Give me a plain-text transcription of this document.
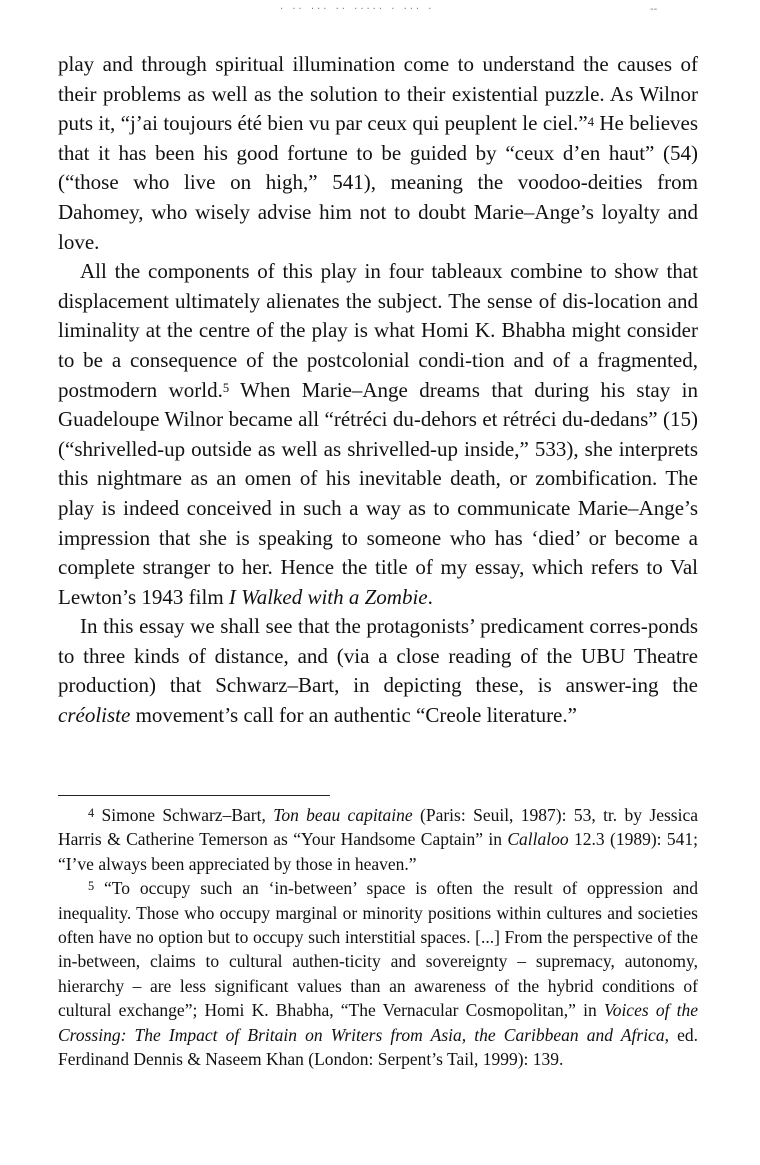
· ·· ··· ·· ····· · ··· ·	--

play and through spiritual illumination come to understand the causes of their problems as well as the solution to their existential puzzle. As Wilnor puts it, “j’ai toujours été bien vu par ceux qui peuplent le ciel.”$^4$ He believes that it has been his good fortune to be guided by “ceux d’en haut” (54) (“those who live on high,” 541), meaning the voodoo-deities from Dahomey, who wisely advise him not to doubt Marie–Ange’s loyalty and love.

All the components of this play in four tableaux combine to show that displacement ultimately alienates the subject. The sense of dis-location and liminality at the centre of the play is what Homi K. Bhabha might consider to be a consequence of the postcolonial condi-tion and of a fragmented, postmodern world.$^5$ When Marie–Ange dreams that during his stay in Guadeloupe Wilnor became all “rétréci du-dehors et rétréci du-dedans” (15) (“shrivelled-up outside as well as shrivelled-up inside,” 533), she interprets this nightmare as an omen of his inevitable death, or zombification. The play is indeed conceived in such a way as to communicate Marie–Ange’s impression that she is speaking to someone who has ‘died’ or become a complete stranger to her. Hence the title of my essay, which refers to Val Lewton’s 1943 film I Walked with a Zombie.

In this essay we shall see that the protagonists’ predicament corres-ponds to three kinds of distance, and (via a close reading of the UBU Theatre production) that Schwarz–Bart, in depicting these, is answer-ing the créoliste movement’s call for an authentic “Creole literature.”

$^4$ Simone Schwarz–Bart, Ton beau capitaine (Paris: Seuil, 1987): 53, tr. by Jessica Harris & Catherine Temerson as “Your Handsome Captain” in Callaloo 12.3 (1989): 541; “I’ve always been appreciated by those in heaven.”

$^5$ “To occupy such an ‘in-between’ space is often the result of oppression and inequality. Those who occupy marginal or minority positions within cultures and societies often have no option but to occupy such interstitial spaces. [...] From the perspective of the in-between, claims to cultural authen-ticity and sovereignty – supremacy, autonomy, hierarchy – are less significant values than an awareness of the hybrid conditions of cultural exchange”; Homi K. Bhabha, “The Vernacular Cosmopolitan,” in Voices of the Crossing: The Impact of Britain on Writers from Asia, the Caribbean and Africa, ed. Ferdinand Dennis & Naseem Khan (London: Serpent’s Tail, 1999): 139.
